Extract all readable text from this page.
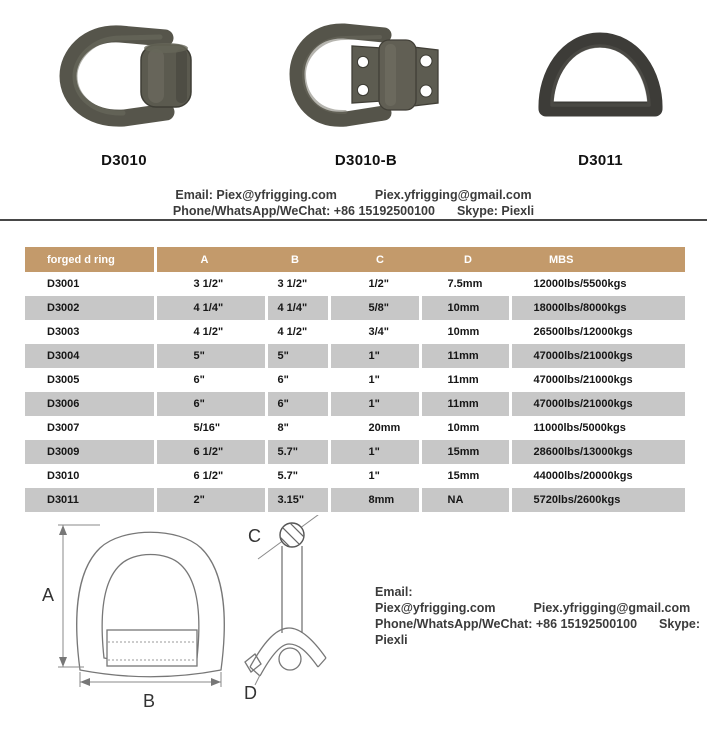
D3010	D3010-B	D3011
Email: Piex@yfrigging.com	Piex.yfrigging@gmail.com
Phone/WhatsApp/WeChat: +86 15192500100 Skype: Piexli
forged d ring	A	B	C	D	MBS
D3001	3 1/2"	3 1/2"	1/2"	7.5mm	12000lbs/5500kgs
D3002	4 1/4"	4 1/4"	5/8"	10mm	18000lbs/8000kgs
D3003	4 1/2"	4 1/2"	3/4"	10mm	26500lbs/12000kgs
D3004	5"	5"	1"	11mm	47000lbs/21000kgs
D3005	6"	6"	1"	11mm	47000lbs/21000kgs
D3006	6"	6"	1"	11mm	47000lbs/21000kgs
D3007	5/16"	8"	20mm	10mm	11000lbs/5000kgs
D3009	6 1/2"	5.7"	1"	15mm	28600lbs/13000kgs
D3010	6 1/2"	5.7"	1"	15mm	44000lbs/20000kgs
D3011	2"	3.15"	8mm	NA	5720lbs/2600kgs
A
B
C
D
Email: Piex@yfrigging.com	Piex.yfrigging@gmail.com
Phone/WhatsApp/WeChat: +86 15192500100 Skype: Piexli
